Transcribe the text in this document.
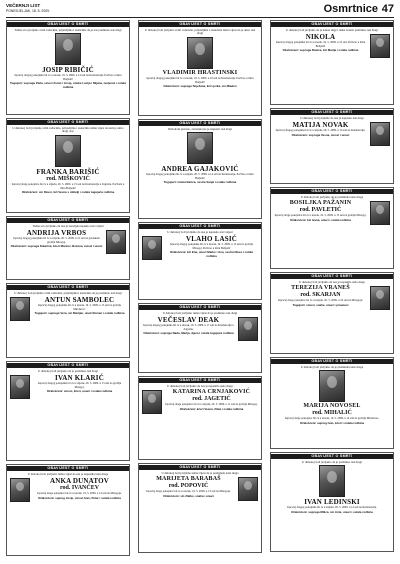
VEČERNJI LIST
PONEDJELJAK, 18. 5. 2009.	Osmrtnice 47
OBAVIJEST O SMRTI
Tužna srca javljamo svim rođacima, prijateljima i znancima da je nas preminuo naš dragi
JOSIP RIBIČIĆ
Ispraćaj dragog pokojnika bit će u utorak, 19. 5. 2009. u 14 sati na Krematoriju. Počivao u miru Božjem!
Tugujući: supruga Zlata, sinovi Zoran i Josip, unuke Lucija i Mijana, nevjeste i ostala rodbina
OBAVIJEST O SMRTI
U dubokoj boli javljamo svim rođacima, prijateljima i znancima tužnu vijest da nam je umro dragi otac
FRANKA BARIŠIĆ
rod. MIŠKOVIĆ
Ispraćaj drage pokojnice bit će u srijedu, 20. 5. 2009. u 15 sati na Krematoriju u Zagrebu. Počivala u miru Božjem!
Ožalošćeni: sin Davor, kći Vesna s obitelji i ostala tugujuća rodbina
OBAVIJEST O SMRTI
Tužna srca javljamo da nas je zauvijek napustio naš voljeni
ANDRIJA VRBOS
Ispraćaj dragog pokojnika bit će u srijedu, 20. 5. 2009. u 12 sati na gradskom groblju Mirogoj.
Ožalošćeni: supruga Katarina, kćeri Marica i Božena, zetovi i unuci
OBAVIJEST O SMRTI
U dubokoj boli javljamo svim rođacima, prijateljima i znancima da je preminuo naš dragi
ANTUN SAMBOLEC
Ispraćaj dragog pokojnika bit će u utorak, 19. 5. 2009. u 15 sati na groblju Miroševac.
Tugujući: supruga Vera, sin Marijan, unuk Roman i ostala rodbina
OBAVIJEST O SMRTI
U dubokoj boli javljamo da je preminuo naš dragi
IVAN KLARIĆ
Ispraćaj dragog pokojnika bit će u srijedu, 20. 5. 2009. u 13 sati na groblju Mirogoj.
Ožalošćeni: sinovi, kćeri, unuci i ostala rodbina
OBAVIJEST O SMRTI
U dubokoj boli javljamo tužnu vijest da nas je napustila naša draga
ANKA DUNATOV
rod. IVANČEV
Ispraćaj drage pokojnice bit će u utorak, 19. 5. 2009. u 14 sati na Mirogoju.
Ožalošćeni: suprug Josip, sinovi Ivan, Petar i ostala rodbina
OBAVIJEST O SMRTI
U dubokoj boli javljamo svim rođacima, prijateljima i znancima tužnu vijest da je umro naš dragi
VLADIMIR HRASTINSKI
Ispraćaj dragog pokojnika bit će u utorak, 19. 5. 2009. u 16 sati na Krematoriju. Počivao u miru Božjem!
Ožalošćeni: supruga Snježana, kći Ljerka, sin Mladen
OBAVIJEST O SMRTI
Dubokom prerano, zauvijek nas je napustio naš dragi
ANDREA GAJAKOVIĆ
Ispraćaj dragog pokojnika bit će u srijedu, 20. 5. 2009. u 14 sati na Krematoriju. Počivao u miru Božjem!
Tugujući: mama Barica, sestra Sanja i ostala rodbina
OBAVIJEST O SMRTI
U dubokoj boli javljamo da nas je napustio naš voljeni
VLAHO LASIĆ
Ispraćaj dragog pokojnika bit će u utorak, 19. 5. 2009. u 15 sati na groblju Mirogoj. Počivao u miru Božjem!
Ožalošćeni: kći Ena, unuci Marko i Ana, sestra Nives i ostala rodbina
OBAVIJEST O SMRTI
U dubokoj boli javljamo tužnu vijest da je preminuo naš dragi
VEČESLAV DEAK
Ispraćaj dragog pokojnika bit će u utorak, 19. 5. 2009. u 17 sati na Krematoriju u Zagrebu.
Ožalošćeni: supruga Nada, Marija, djeca i ostala tugujuća rodbina
OBAVIJEST O SMRTI
U dubokoj boli javljamo da nas je napustila naša draga
KATARINA CRNJAKOVIĆ
rod. JAGETIĆ
Ispraćaj drage pokojnice bit će u srijedu, 20. 5. 2009. u 11 sati na groblju Mirogoj.
Ožalošćeni: kćeri Vesna, Zlata i ostala rodbina
OBAVIJEST O SMRTI
U dubokoj boli javljamo tužnu vijest da je preminula naša draga
MARIJETA BARABAŠ
rod. POPOVIĆ
Ispraćaj drage pokojnice bit će u utorak, 19. 5. 2009. u 13 sati na Mirogoju.
Ožalošćeni: sin Zlatko, snaha i unuci
OBAVIJEST O SMRTI
U dubokoj boli javljamo da je nakon duge i teške bolesti preminuo naš dragi
NIKOLA
Ispraćaj dragog pokojnika bit će u utorak, 19. 5. 2009. u 12 sati. Počivao u miru Božjem!
Ožalošćeni: supruga Danica, kći Marija i ostala rodbina
OBAVIJEST O SMRTI
U dubokoj boli javljamo da nas je napustio naš dragi
MATIJA NOVAK
Ispraćaj dragog pokojnika bit će u srijedu, 20. 5. 2009. u 10 sati na Krematoriju.
Ožalošćeni: supruga Vesna, sinovi i unuci
OBAVIJEST O SMRTI
U dubokoj boli javljamo da je preminula naša draga
BOSILJKA PAŽANIN
rod. PAVLETIĆ
Ispraćaj drage pokojnice bit će u utorak, 19. 5. 2009. u 15 sati na groblju Mirogoj.
Ožalošćeni: kći Ivana, unuci i ostala rodbina
OBAVIJEST O SMRTI
U dubokoj boli javljamo da nas je napustila naša draga
TEREZIJA VRANEŠ
rod. SKARJAN
Ispraćaj drage pokojnice bit će u srijedu, 20. 5. 2009. u 16 sati na Mirogoju.
Tugujući: sinovi, snahe, unuci i praunuci
OBAVIJEST O SMRTI
U dubokoj boli javljamo da je preminula naša draga
MARIJA NOVOSEL
rod. MIHALIĆ
Ispraćaj drage pokojnice bit će u utorak, 19. 5. 2009. u 14 sati na groblju Miroševac.
Ožalošćeni: suprug Ivan, kćeri i ostala rodbina
OBAVIJEST O SMRTI
U dubokoj boli javljamo da je preminuo naš dragi
IVAN LEDINSKI
Ispraćaj dragog pokojnika bit će u srijedu, 20. 5. 2009. u 12 sati na Krematoriju.
Ožalošćeni: supruga Milica, sin Ante, unuci i ostala rodbina
